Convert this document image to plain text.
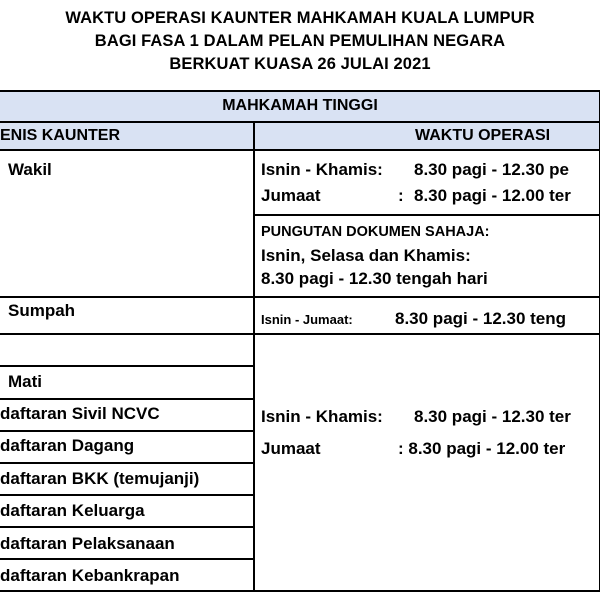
WAKTU OPERASI KAUNTER MAHKAMAH KUALA LUMPUR
BAGI FASA 1 DALAM PELAN PEMULIHAN NEGARA
BERKUAT KUASA 26 JULAI 2021
MAHKAMAH TINGGI
ENIS KAUNTER	WAKTU OPERASI
Wakil	Isnin - Khamis: 8.30 pagi - 12.30 pe
Jumaat	: 8.30 pagi - 12.00 ter
PUNGUTAN DOKUMEN SAHAJA:
Isnin, Selasa dan Khamis:
8.30 pagi - 12.30 tengah hari
Sumpah	Isnin - Jumaat: 8.30 pagi - 12.30 teng
Mati
daftaran Sivil NCVC
daftaran Dagang
daftaran BKK (temujanji)
daftaran Keluarga
daftaran Pelaksanaan
daftaran Kebankrapan
Isnin - Khamis: 8.30 pagi - 12.30 ter
Jumaat	: 8.30 pagi - 12.00 ter
